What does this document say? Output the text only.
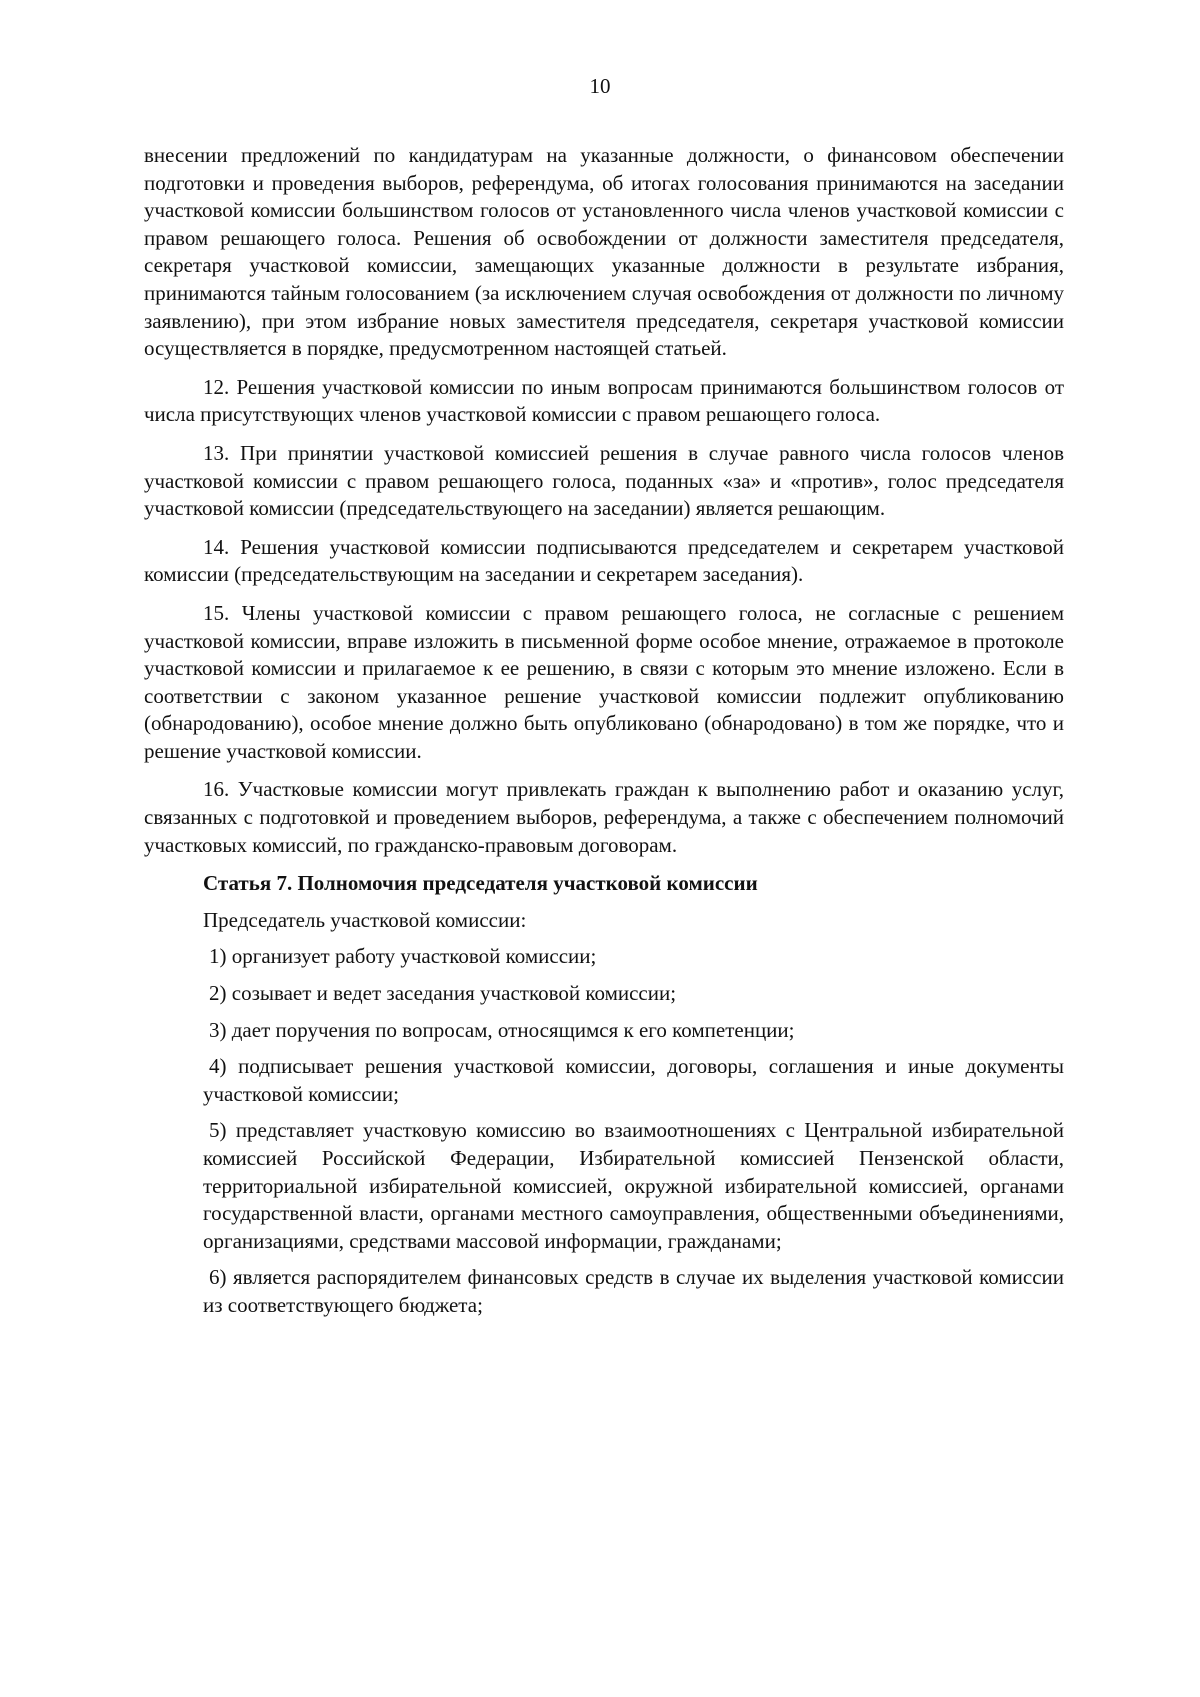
10

внесении предложений по кандидатурам на указанные должности, о финансовом обеспечении подготовки и проведения выборов, референдума, об итогах голосования принимаются на заседании участковой комиссии большинством голосов от установленного числа членов участковой комиссии с правом решающего голоса. Решения об освобождении от должности заместителя председателя, секретаря участковой комиссии, замещающих указанные должности в результате избрания, принимаются тайным голосованием (за исключением случая освобождения от должности по личному заявлению), при этом избрание новых заместителя председателя, секретаря участковой комиссии осуществляется в порядке, предусмотренном настоящей статьей.

12. Решения участковой комиссии по иным вопросам принимаются большинством голосов от числа присутствующих членов участковой комиссии с правом решающего голоса.

13. При принятии участковой комиссией решения в случае равного числа голосов членов участковой комиссии с правом решающего голоса, поданных «за» и «против», голос председателя участковой комиссии (председательствующего на заседании) является решающим.

14. Решения участковой комиссии подписываются председателем и секретарем участковой комиссии (председательствующим на заседании и секретарем заседания).

15. Члены участковой комиссии с правом решающего голоса, не согласные с решением участковой комиссии, вправе изложить в письменной форме особое мнение, отражаемое в протоколе участковой комиссии и прилагаемое к ее решению, в связи с которым это мнение изложено. Если в соответствии с законом указанное решение участковой комиссии подлежит опубликованию (обнародованию), особое мнение должно быть опубликовано (обнародовано) в том же порядке, что и решение участковой комиссии.

16. Участковые комиссии могут привлекать граждан к выполнению работ и оказанию услуг, связанных с подготовкой и проведением выборов, референдума, а также с обеспечением полномочий участковых комиссий, по гражданско-правовым договорам.

Статья 7. Полномочия председателя участковой комиссии

Председатель участковой комиссии:

1) организует работу участковой комиссии;

2) созывает и ведет заседания участковой комиссии;

3) дает поручения по вопросам, относящимся к его компетенции;

4) подписывает решения участковой комиссии, договоры, соглашения и иные документы участковой комиссии;

5) представляет участковую комиссию во взаимоотношениях с Центральной избирательной комиссией Российской Федерации, Избирательной комиссией Пензенской области, территориальной избирательной комиссией, окружной избирательной комиссией, органами государственной власти, органами местного самоуправления, общественными объединениями, организациями, средствами массовой информации, гражданами;

6) является распорядителем финансовых средств в случае их выделения участковой комиссии из соответствующего бюджета;
